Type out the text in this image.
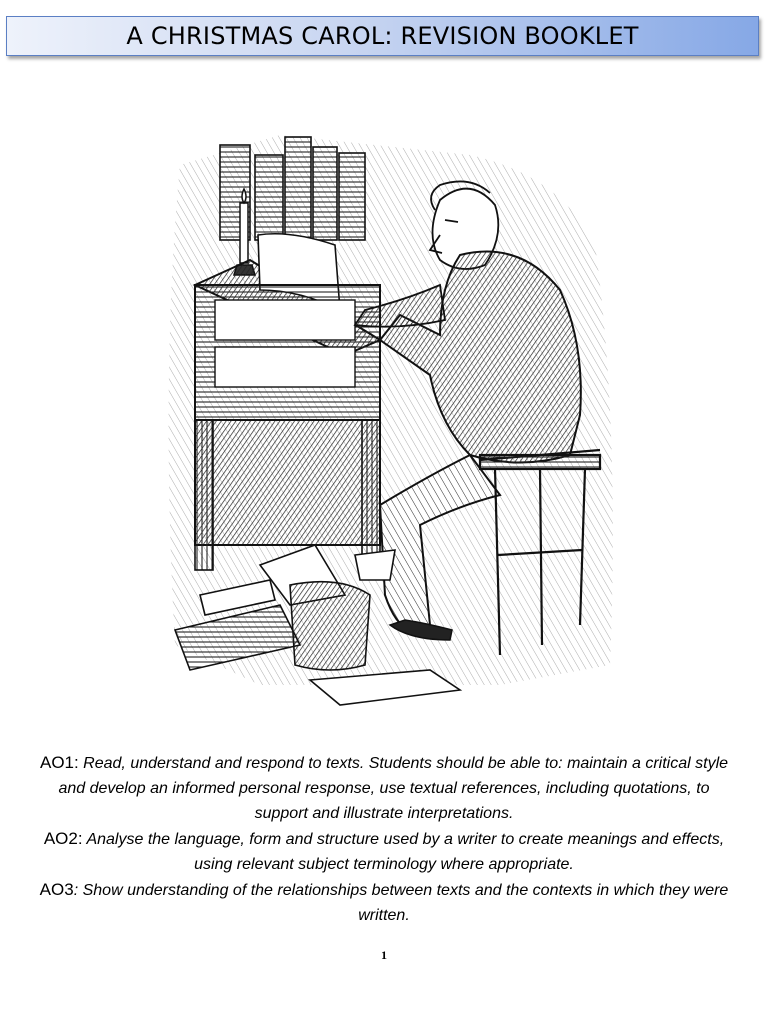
A CHRISTMAS CAROL: REVISION BOOKLET
AO1: Read, understand and respond to texts. Students should be able to: maintain a critical style and develop an informed personal response, use textual references, including quotations, to support and illustrate interpretations.
AO2: Analyse the language, form and structure used by a writer to create meanings and effects, using relevant subject terminology where appropriate.
AO3: Show understanding of the relationships between texts and the contexts in which they were written.
1
